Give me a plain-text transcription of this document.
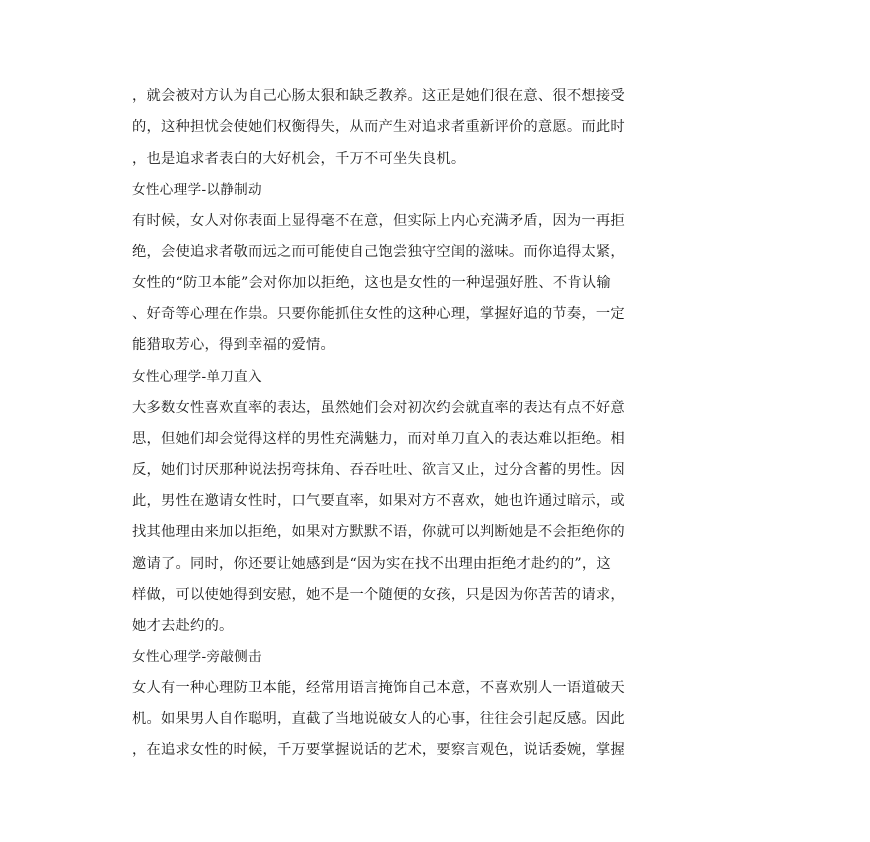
，就会被对方认为自己心肠太狠和缺乏教养。这正是她们很在意、很不想接受
的，这种担忧会使她们权衡得失，从而产生对追求者重新评价的意愿。而此时
，也是追求者表白的大好机会，千万不可坐失良机。
女性心理学-以静制动
有时候，女人对你表面上显得毫不在意，但实际上内心充满矛盾，因为一再拒
绝，会使追求者敬而远之而可能使自己饱尝独守空闺的滋味。而你追得太紧，
女性的“防卫本能”会对你加以拒绝，这也是女性的一种逞强好胜、不肯认输
、好奇等心理在作祟。只要你能抓住女性的这种心理，掌握好追的节奏，一定
能猎取芳心，得到幸福的爱情。
女性心理学-单刀直入
大多数女性喜欢直率的表达，虽然她们会对初次约会就直率的表达有点不好意
思，但她们却会觉得这样的男性充满魅力，而对单刀直入的表达难以拒绝。相
反，她们讨厌那种说法拐弯抹角、吞吞吐吐、欲言又止，过分含蓄的男性。因
此，男性在邀请女性时，口气要直率，如果对方不喜欢，她也许通过暗示，或
找其他理由来加以拒绝，如果对方默默不语，你就可以判断她是不会拒绝你的
邀请了。同时，你还要让她感到是“因为实在找不出理由拒绝才赴约的”，这
样做，可以使她得到安慰，她不是一个随便的女孩，只是因为你苦苦的请求，
她才去赴约的。
女性心理学-旁敲侧击
女人有一种心理防卫本能，经常用语言掩饰自己本意，不喜欢别人一语道破天
机。如果男人自作聪明，直截了当地说破女人的心事，往往会引起反感。因此
，在追求女性的时候，千万要掌握说话的艺术，要察言观色，说话委婉，掌握
